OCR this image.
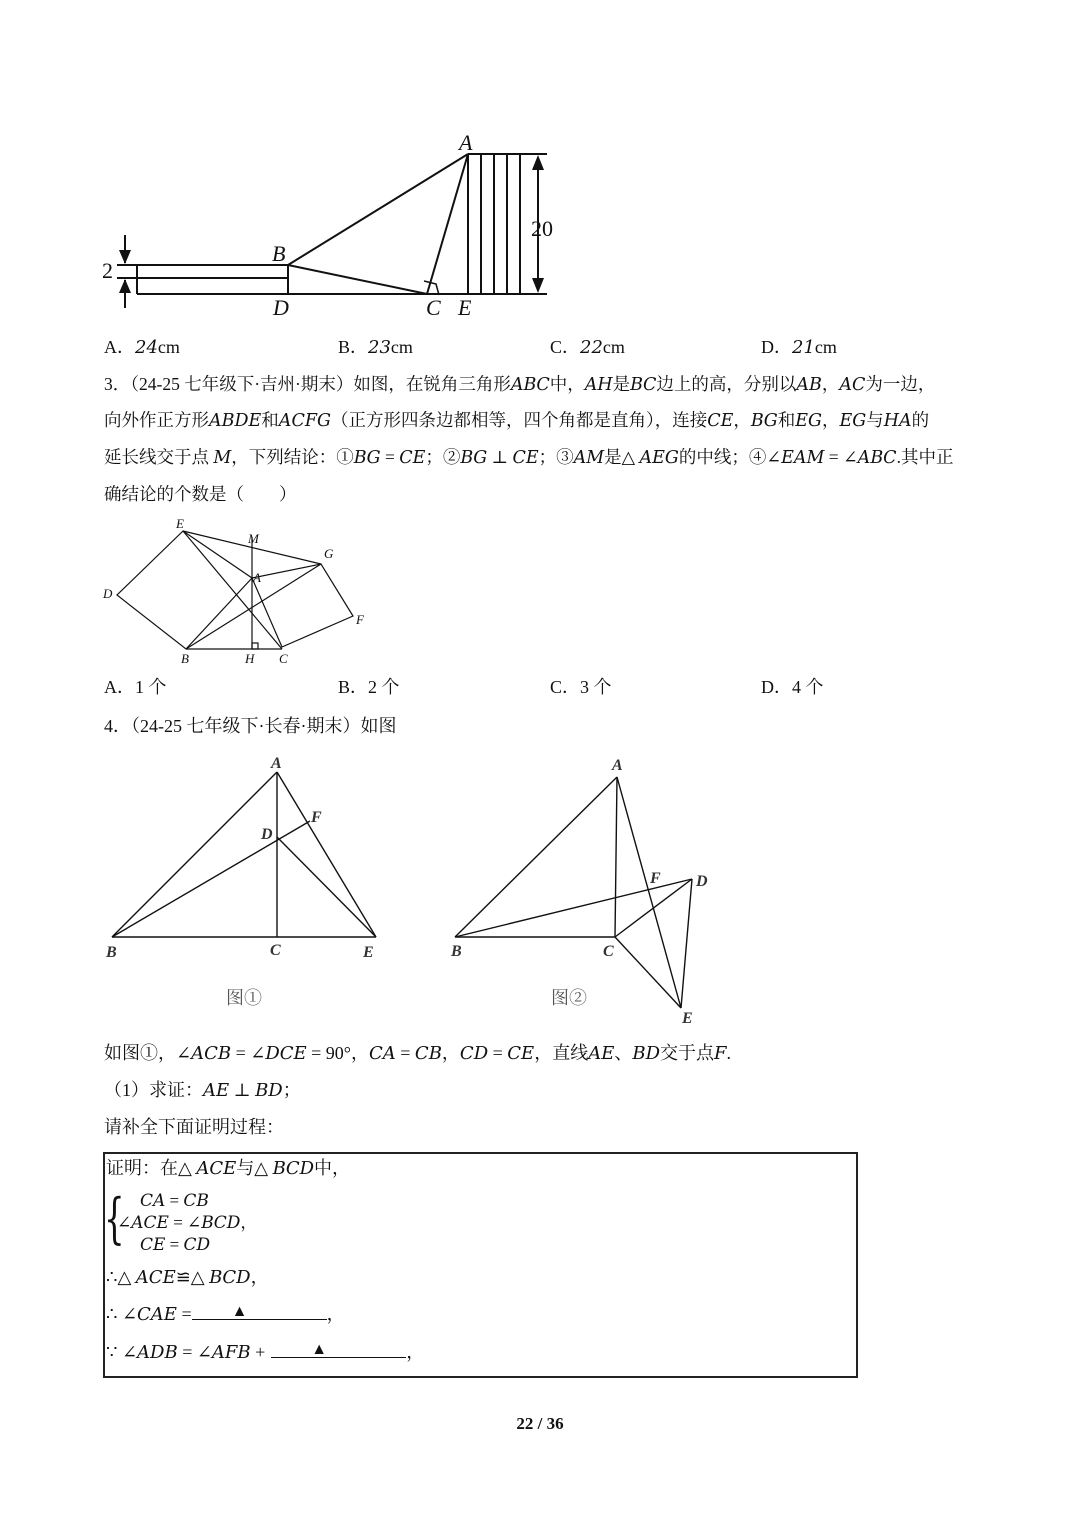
A
B
C
D	E
2
20
A．24cm	B．23cm	C．22cm	D．21cm
3．（24-25 七年级下·吉州·期末）如图，在锐角三角形𝐴𝐵𝐶中，𝐴𝐻是𝐵𝐶边上的高，分别以𝐴𝐵，𝐴𝐶为一边，
向外作正方形𝐴𝐵𝐷𝐸和𝐴𝐶𝐹𝐺（正方形四条边都相等，四个角都是直角），连接𝐶𝐸，𝐵𝐺和𝐸𝐺，𝐸𝐺与𝐻𝐴的
延长线交于点 𝑀，下列结论：①𝐵𝐺 = 𝐶𝐸；②𝐵𝐺 ⊥ 𝐶𝐸；③𝐴𝑀是△ 𝐴𝐸𝐺的中线；④∠𝐸𝐴𝑀 = ∠𝐴𝐵𝐶.其中正
确结论的个数是（　　）
E
M
G
D
A
F
B	H C
A．1 个	B．2 个	C．3 个	D．4 个
4．（24-25 七年级下·长春·期末）如图
A
D
F
B	C	E
图①
A
F D
B	C
E
图②
如图①，∠𝐴𝐶𝐵 = ∠𝐷𝐶𝐸 = 90°，𝐶𝐴 = 𝐶𝐵，𝐶𝐷 = 𝐶𝐸，直线𝐴𝐸、𝐵𝐷交于点𝐹.
（1）求证：𝐴𝐸 ⊥ 𝐵𝐷；
请补全下面证明过程：
证明：在△ 𝐴𝐶𝐸与△ 𝐵𝐶𝐷中，
{ 𝐶𝐴 = 𝐶𝐵
∠𝐴𝐶𝐸 = ∠𝐵𝐶𝐷，
𝐶𝐸 = 𝐶𝐷
∴△ 𝐴𝐶𝐸≌△ 𝐵𝐶𝐷，
∴ ∠𝐶𝐴𝐸 =	▲	，
∵ ∠𝐴𝐷𝐵 = ∠𝐴𝐹𝐵 +	▲	，
22 / 36
